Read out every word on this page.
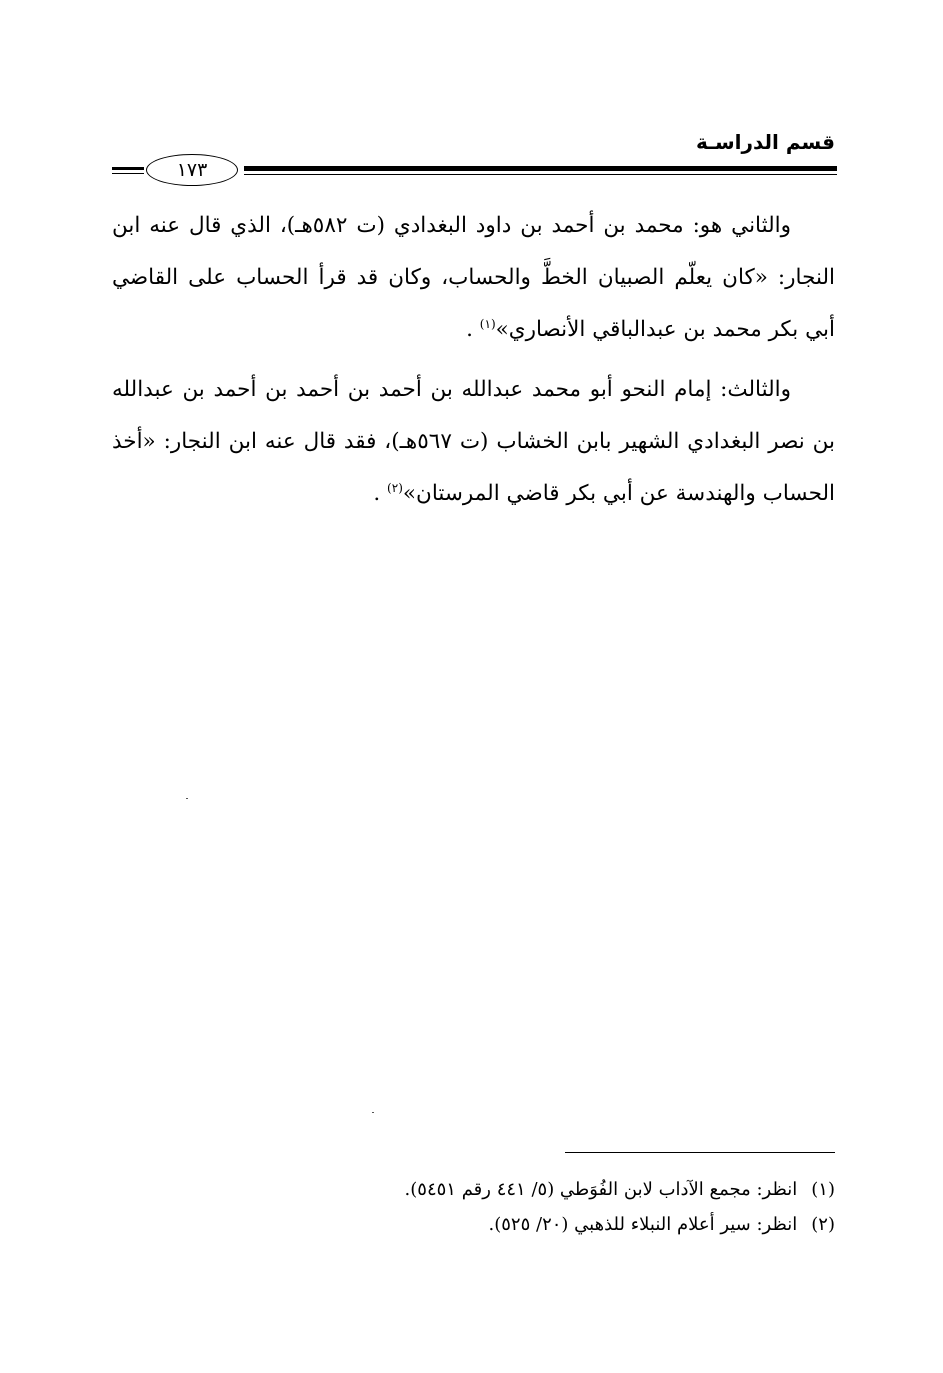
قسم الدراسـة
١٧٣

والثاني هو: محمد بن أحمد بن داود البغدادي (ت ٥٨٢هـ)، الذي قال عنه ابن النجار: «كان يعلّم الصبيان الخطَّ والحساب، وكان قد قرأ الحساب على القاضي أبي بكر محمد بن عبدالباقي الأنصاري»$^{(١)}$ .

والثالث: إمام النحو أبو محمد عبدالله بن أحمد بن أحمد بن أحمد بن عبدالله بن نصر البغدادي الشهير بابن الخشاب (ت ٥٦٧هـ)، فقد قال عنه ابن النجار: «أخذ الحساب والهندسة عن أبي بكر قاضي المرستان»$^{(٢)}$ .

(١)انظر: مجمع الآداب لابن الفُوَطي (٥/ ٤٤١ رقم ٥٤٥١).

(٢)انظر: سير أعلام النبلاء للذهبي (٢٠/ ٥٢٥).
